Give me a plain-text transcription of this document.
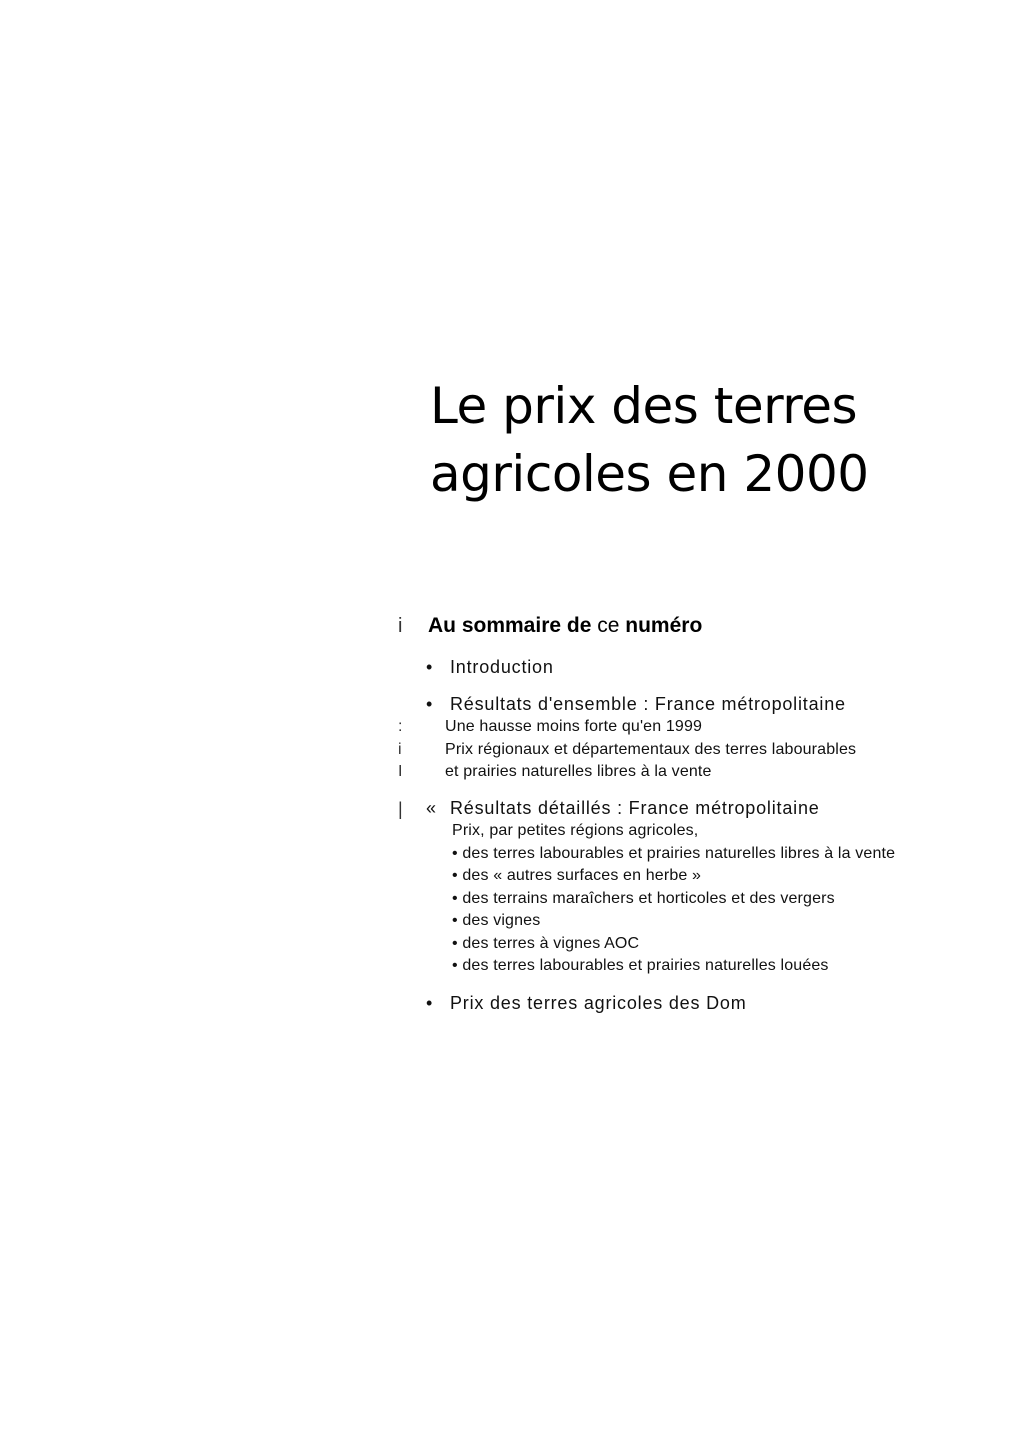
Le prix des terres
agricoles en 2000
i
:
i
I
|
Au sommaire de ce numéro
• Introduction
• Résultats d'ensemble : France métropolitaine
Une hausse moins forte qu'en 1999
Prix régionaux et départementaux des terres labourables
et prairies naturelles libres à la vente
« Résultats détaillés : France métropolitaine
Prix, par petites régions agricoles,
• des terres labourables et prairies naturelles libres à la vente
• des « autres surfaces en herbe »
• des terrains maraîchers et horticoles et des vergers
• des vignes
• des terres à vignes AOC
• des terres labourables et prairies naturelles louées
• Prix des terres agricoles des Dom
